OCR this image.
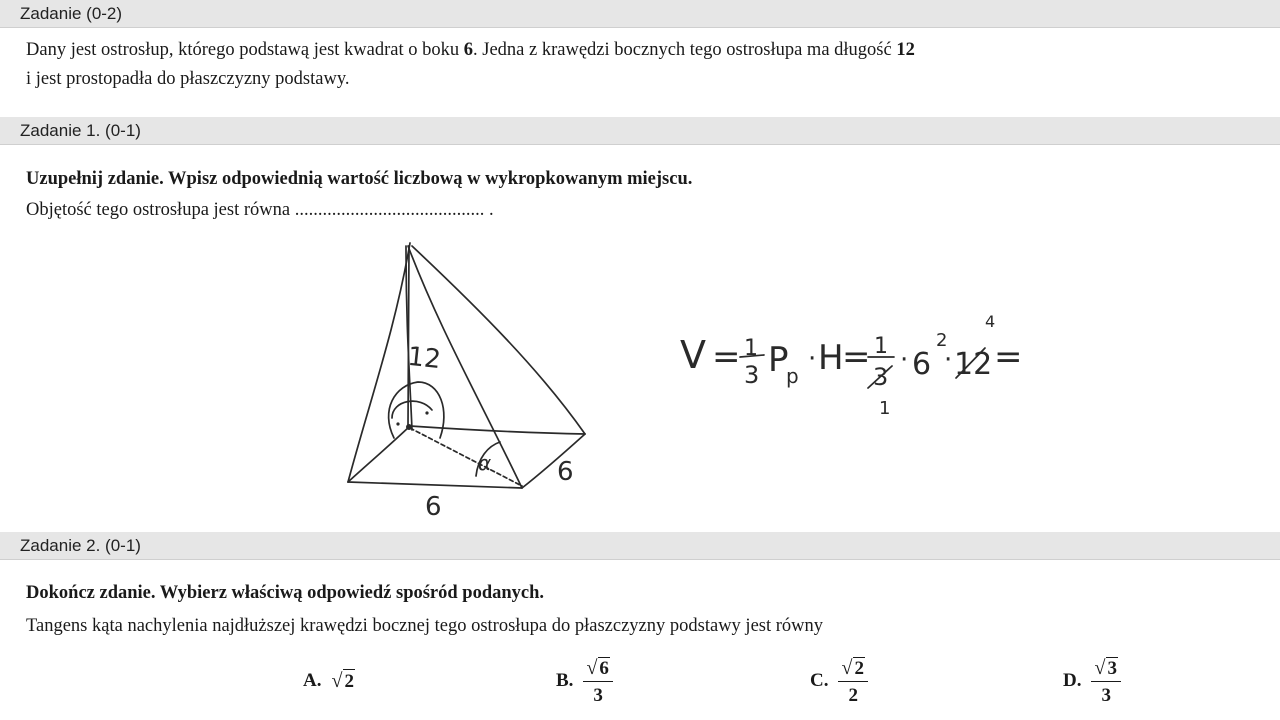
Zadanie (0-2)
Dany jest ostrosłup, którego podstawą jest kwadrat o boku 6. Jedna z krawędzi bocznych tego ostrosłupa ma długość 12
i jest prostopadła do płaszczyzny podstawy.
Zadanie 1. (0-1)
Uzupełnij zdanie. Wpisz odpowiednią wartość liczbową w wykropkowanym miejscu.
Objętość tego ostrosłupa jest równa ......................................... .
12
α	6
6
V = 1
3 P
p
· H
= 1
3
1
· 6
2
· 12
4
=
Zadanie 2. (0-1)
Dokończ zdanie. Wybierz właściwą odpowiedź spośród podanych.
Tangens kąta nachylenia najdłuższej krawędzi bocznej tego ostrosłupa do płaszczyzny podstawy jest równy
A. √ 2	B. $\frac{√ 6}{3}$	C. $\frac{√ 2}{2}$	D. $\frac{√ 3}{3}$
